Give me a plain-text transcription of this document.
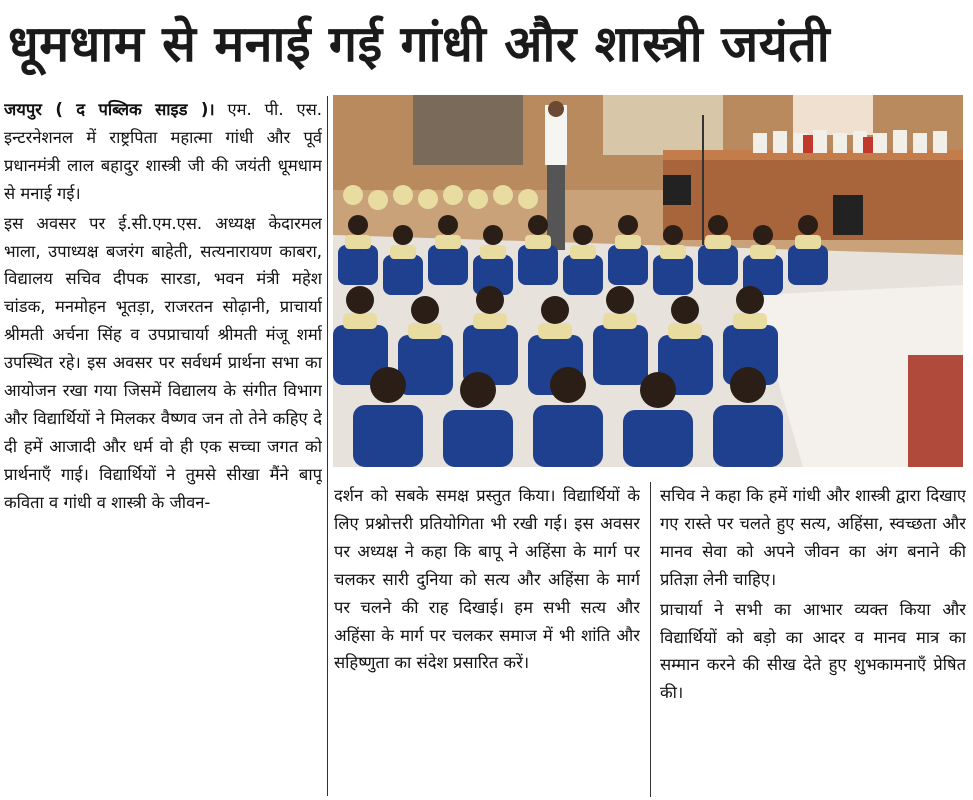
धूमधाम से मनाई गई गांधी और शास्त्री जयंती

जयपुर ( द पब्लिक साइड )। एम. पी. एस. इन्टरनेशनल में राष्ट्रपिता महात्मा गांधी और पूर्व प्रधानमंत्री लाल बहादुर शास्त्री जी की जयंती धूमधाम से मनाई गई।

इस अवसर पर ई.सी.एम.एस. अध्यक्ष केदारमल भाला, उपाध्यक्ष बजरंग बाहेती, सत्यनारायण काबरा, विद्यालय सचिव दीपक सारडा, भवन मंत्री महेश चांडक, मनमोहन भूतड़ा, राजरतन सोढ़ानी, प्राचार्या श्रीमती अर्चना सिंह व उपप्राचार्या श्रीमती मंजू शर्मा उपस्थित रहे। इस अवसर पर सर्वधर्म प्रार्थना सभा का आयोजन रखा गया जिसमें विद्यालय के संगीत विभाग और विद्यार्थियों ने मिलकर वैष्णव जन तो तेने कहिए दे दी हमें आजादी और धर्म वो ही एक सच्चा जगत को प्रार्थनाएँ गाई। विद्यार्थियों ने तुमसे सीखा मैंने बापू कविता व गांधी व शास्त्री के जीवन-	दर्शन को सबके समक्ष प्रस्तुत किया। विद्यार्थियों के लिए प्रश्नोत्तरी प्रतियोगिता भी रखी गई। इस अवसर पर अध्यक्ष ने कहा कि बापू ने अहिंसा के मार्ग पर चलकर सारी दुनिया को सत्य और अहिंसा के मार्ग पर चलने की राह दिखाई। हम सभी सत्य और अहिंसा के मार्ग पर चलकर समाज में भी शांति और सहिष्णुता का संदेश प्रसारित करें।

सचिव ने कहा कि हमें गांधी और शास्त्री द्वारा दिखाए गए रास्ते पर चलते हुए सत्य, अहिंसा, स्वच्छता और मानव सेवा को अपने जीवन का अंग बनाने की प्रतिज्ञा लेनी चाहिए।

प्राचार्या ने सभी का आभार व्यक्त किया और विद्यार्थियों को बड़ो का आदर व मानव मात्र का सम्मान करने की सीख देते हुए शुभकामनाएँ प्रेषित की।
